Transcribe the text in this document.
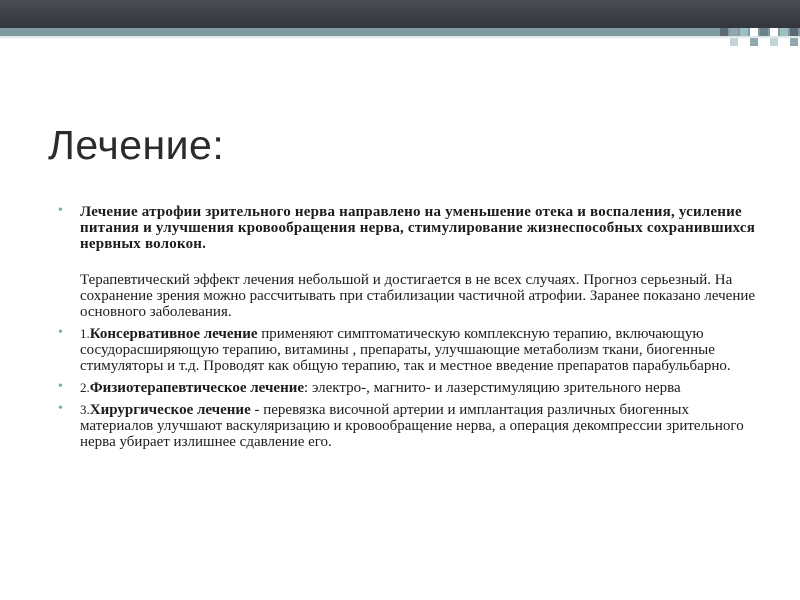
Лечение:
• Лечение атрофии зрительного нерва направлено на уменьшение отека и воспаления, усиление питания и улучшения кровообращения нерва, стимулирование жизнеспособных сохранившихся нервных волокон.
Терапевтический эффект лечения небольшой и достигается в не всех случаях. Прогноз серьезный. На сохранение зрения можно рассчитывать при стабилизации частичной атрофии. Заранее показано лечение основного заболевания.
• 1.Консервативное лечение применяют симптоматическую комплексную терапию, включающую сосудорасширяющую терапию, витамины , препараты, улучшающие метаболизм ткани, биогенные стимуляторы и т.д. Проводят как общую терапию, так и местное введение препаратов парабульбарно.
• 2.Физиотерапевтическое лечение: электро-, магнито- и лазерстимуляцию зрительного нерва
• 3.Хирургическое лечение - перевязка височной артерии и имплантация различных биогенных материалов улучшают васкуляризацию и кровообращение нерва, а операция декомпрессии зрительного нерва убирает излишнее сдавление его.
